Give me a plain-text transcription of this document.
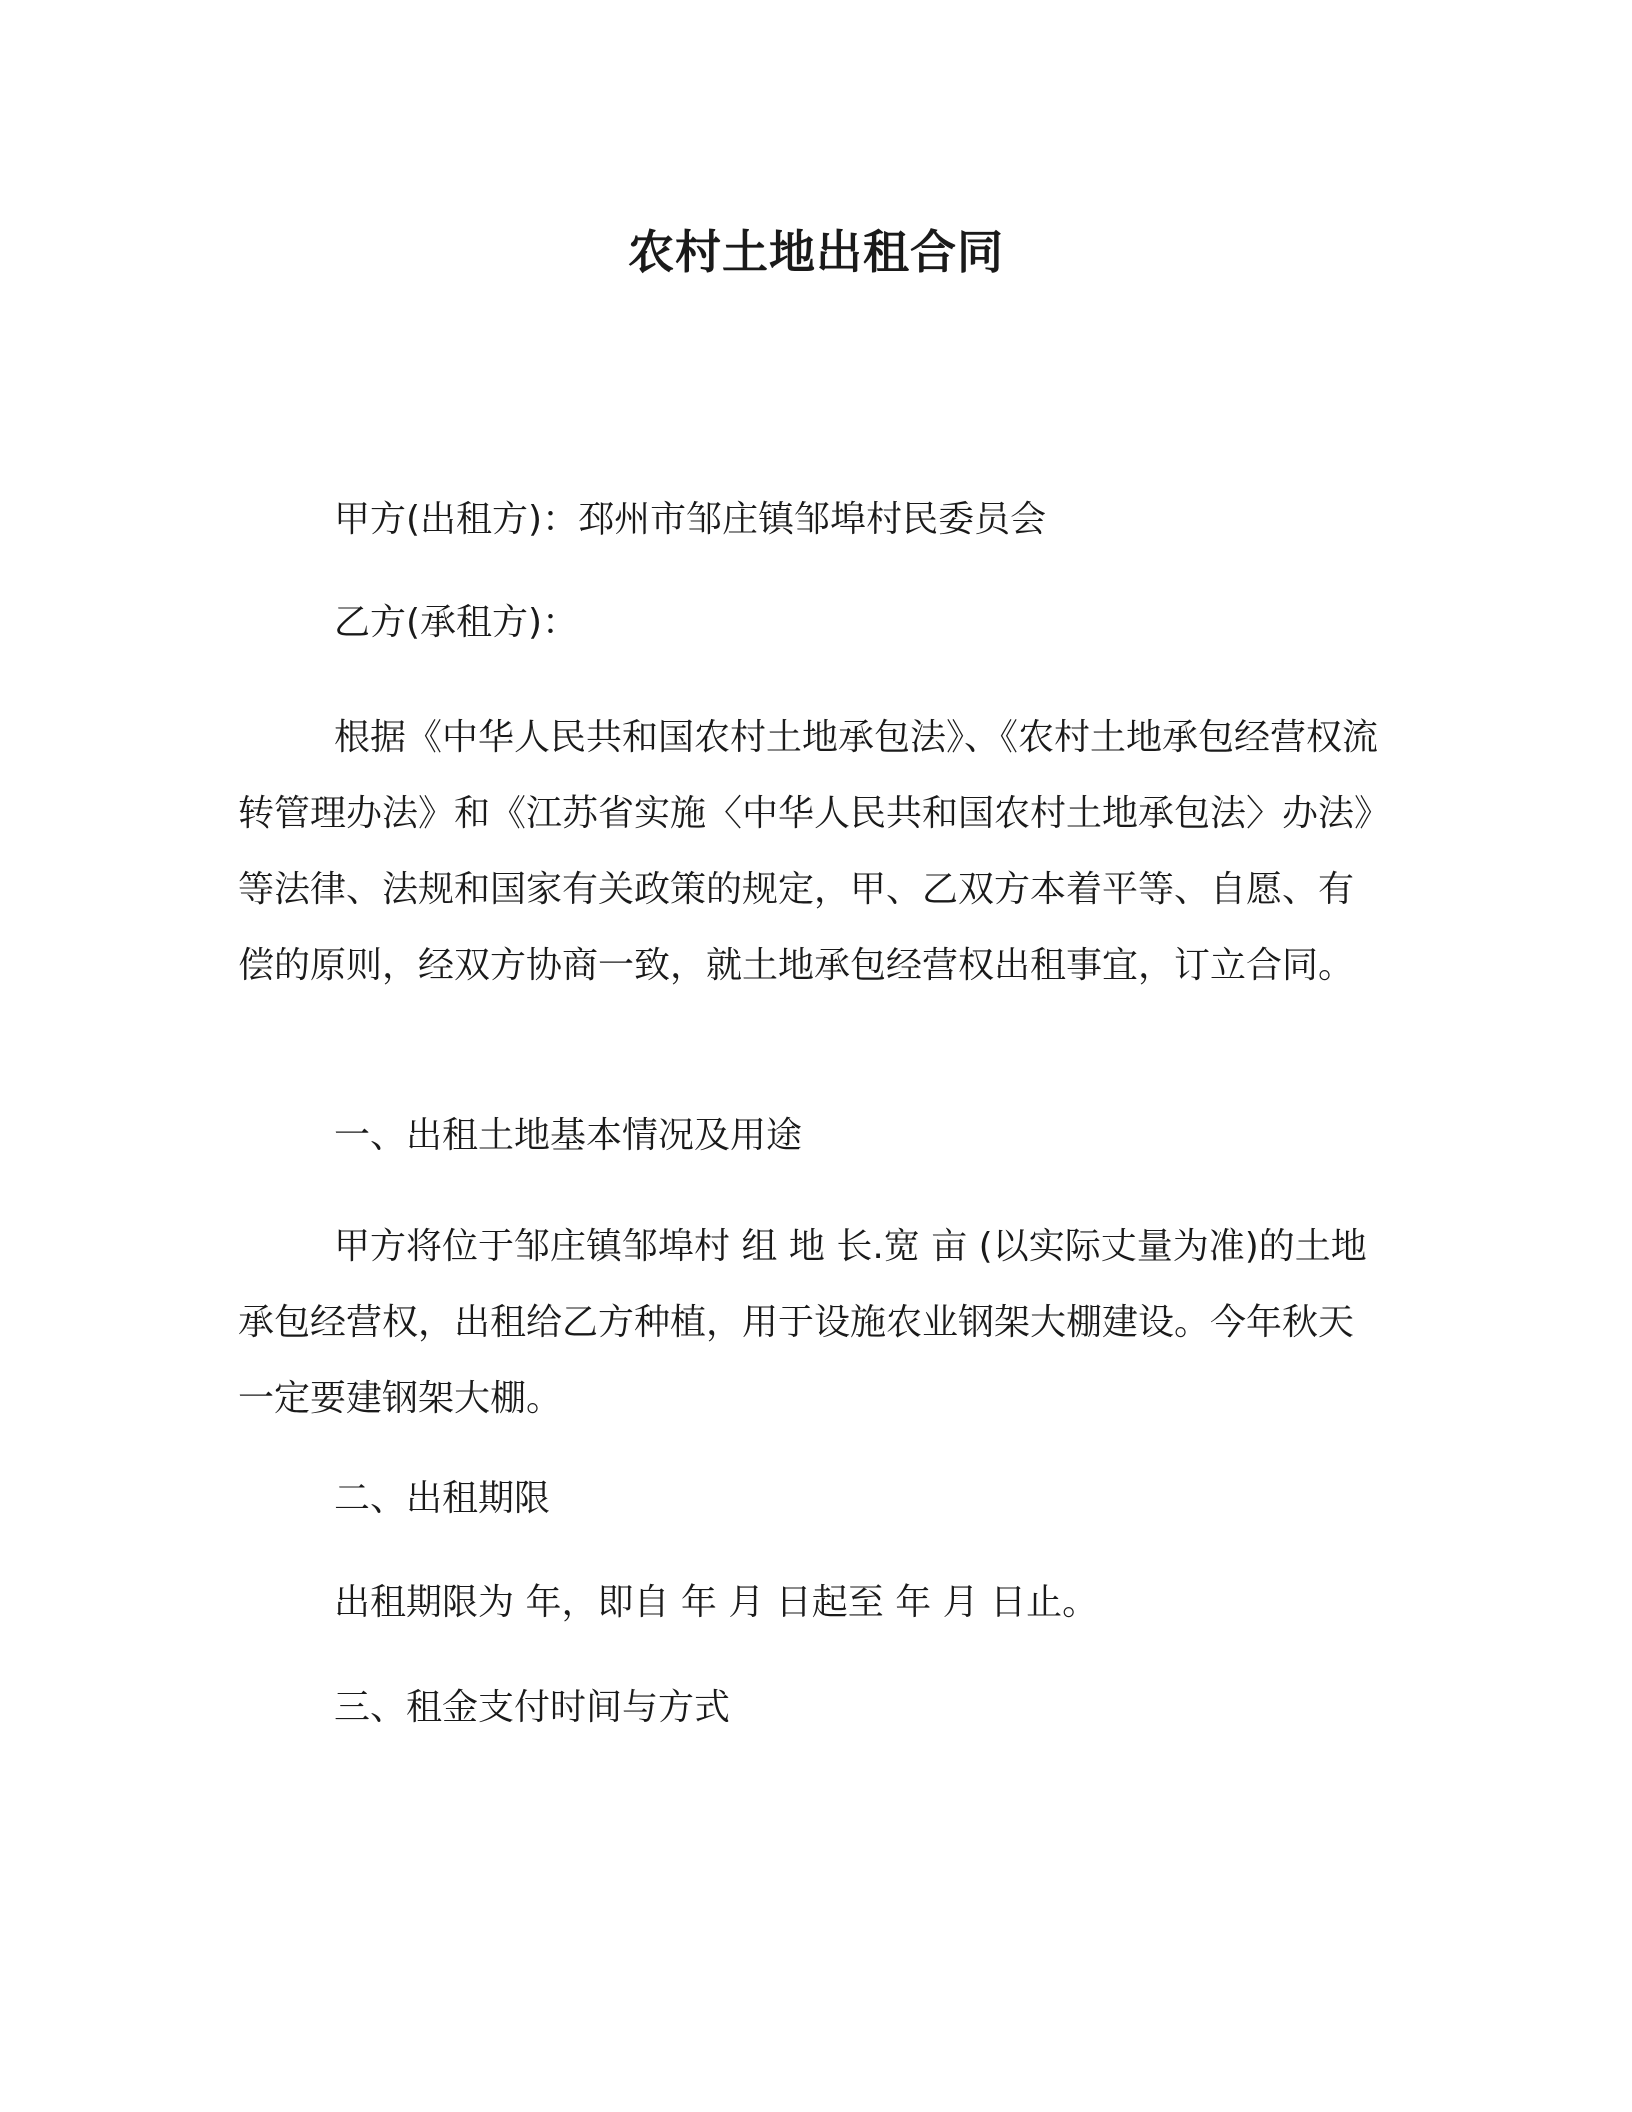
农村土地出租合同
甲方(出租方)：邳州市邹庄镇邹埠村民委员会
乙方(承租方)：

根据《中华人民共和国农村土地承包法》、《农村土地承包经营权流转管理办法》和《江苏省实施〈中华人民共和国农村土地承包法〉办法》等法律、法规和国家有关政策的规定，甲、乙双方本着平等、自愿、有偿的原则，经双方协商一致，就土地承包经营权出租事宜，订立合同。

一、出租土地基本情况及用途

甲方将位于邹庄镇邹埠村 组 地 长.宽 亩 (以实际丈量为准)的土地承包经营权，出租给乙方种植，用于设施农业钢架大棚建设。今年秋天一定要建钢架大棚。

二、出租期限
出租期限为 年，即自 年 月 日起至 年 月 日止。
三、租金支付时间与方式
